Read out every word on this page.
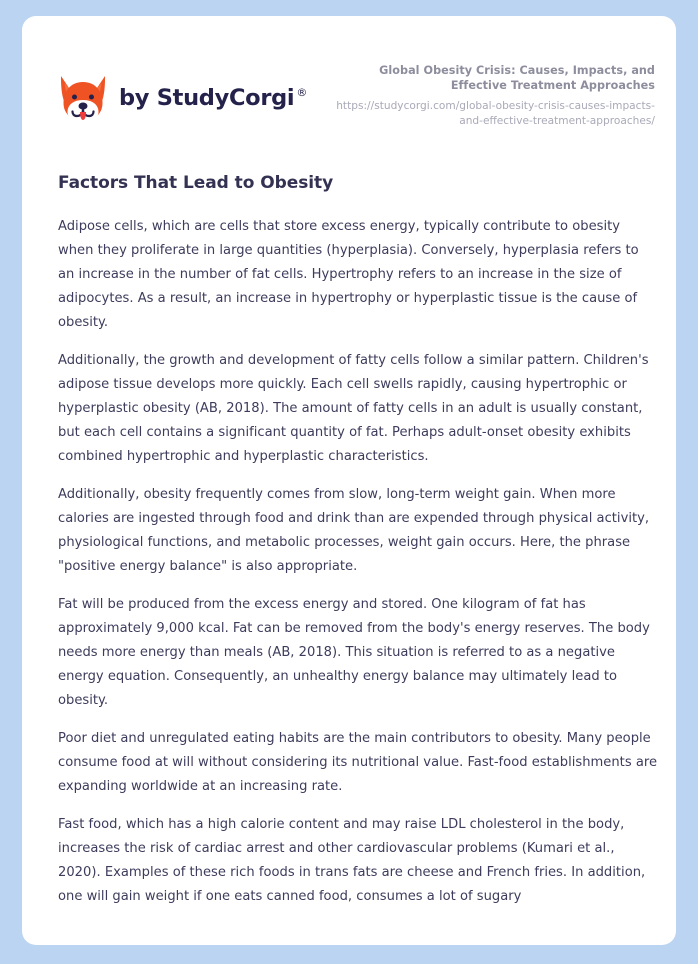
by StudyCorgi ®
Global Obesity Crisis: Causes, Impacts, and Effective Treatment Approaches
https://studycorgi.com/global-obesity-crisis-causes-impacts-and-effective-treatment-approaches/
Factors That Lead to Obesity

Adipose cells, which are cells that store excess energy, typically contribute to obesity when they proliferate in large quantities (hyperplasia). Conversely, hyperplasia refers to an increase in the number of fat cells. Hypertrophy refers to an increase in the size of adipocytes. As a result, an increase in hypertrophy or hyperplastic tissue is the cause of obesity.

Additionally, the growth and development of fatty cells follow a similar pattern. Children's adipose tissue develops more quickly. Each cell swells rapidly, causing hypertrophic or hyperplastic obesity (AB, 2018). The amount of fatty cells in an adult is usually constant, but each cell contains a significant quantity of fat. Perhaps adult-onset obesity exhibits combined hypertrophic and hyperplastic characteristics.

Additionally, obesity frequently comes from slow, long-term weight gain. When more calories are ingested through food and drink than are expended through physical activity, physiological functions, and metabolic processes, weight gain occurs. Here, the phrase "positive energy balance" is also appropriate.

Fat will be produced from the excess energy and stored. One kilogram of fat has approximately 9,000 kcal. Fat can be removed from the body's energy reserves. The body needs more energy than meals (AB, 2018). This situation is referred to as a negative energy equation. Consequently, an unhealthy energy balance may ultimately lead to obesity.

Poor diet and unregulated eating habits are the main contributors to obesity. Many people consume food at will without considering its nutritional value. Fast-food establishments are expanding worldwide at an increasing rate.

Fast food, which has a high calorie content and may raise LDL cholesterol in the body, increases the risk of cardiac arrest and other cardiovascular problems (Kumari et al., 2020). Examples of these rich foods in trans fats are cheese and French fries. In addition, one will gain weight if one eats canned food, consumes a lot of sugary
